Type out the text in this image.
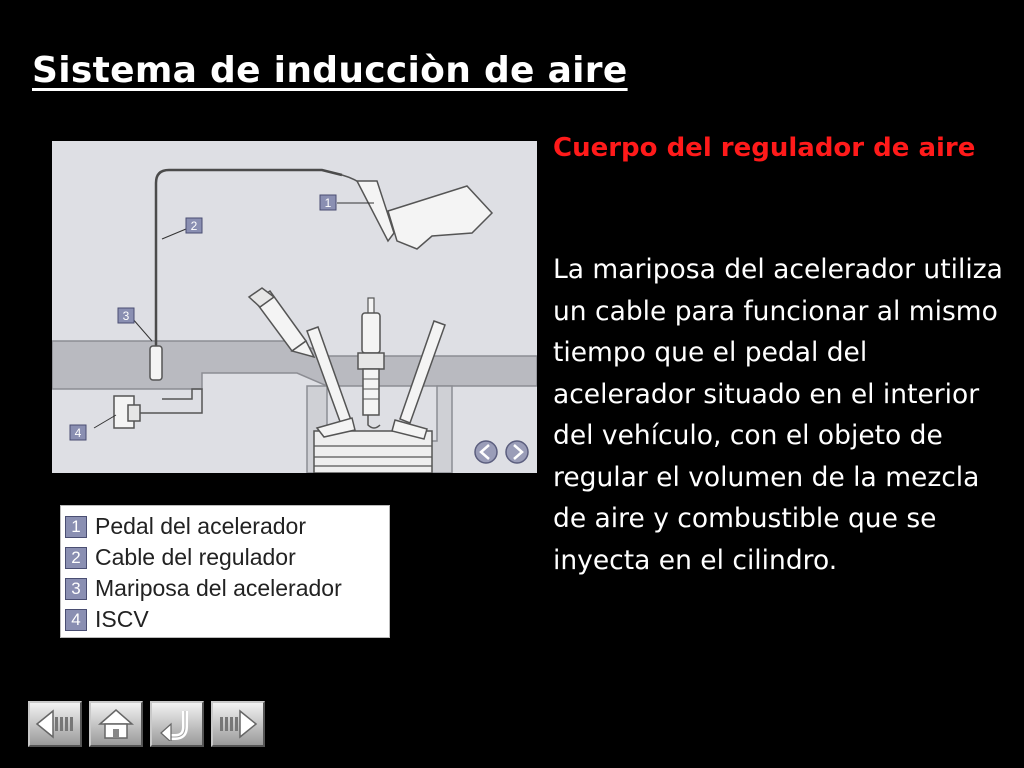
Sistema de inducciòn de aire
1
2
3
4
1 Pedal del acelerador
2 Cable del regulador
3 Mariposa del acelerador
4 ISCV
Cuerpo del regulador de aire

La mariposa del acelerador utiliza un cable para funcionar al mismo tiempo que el pedal del acelerador situado en el interior del vehículo, con el objeto de regular el volumen de la mezcla de aire y combustible que se inyecta en el cilindro.
